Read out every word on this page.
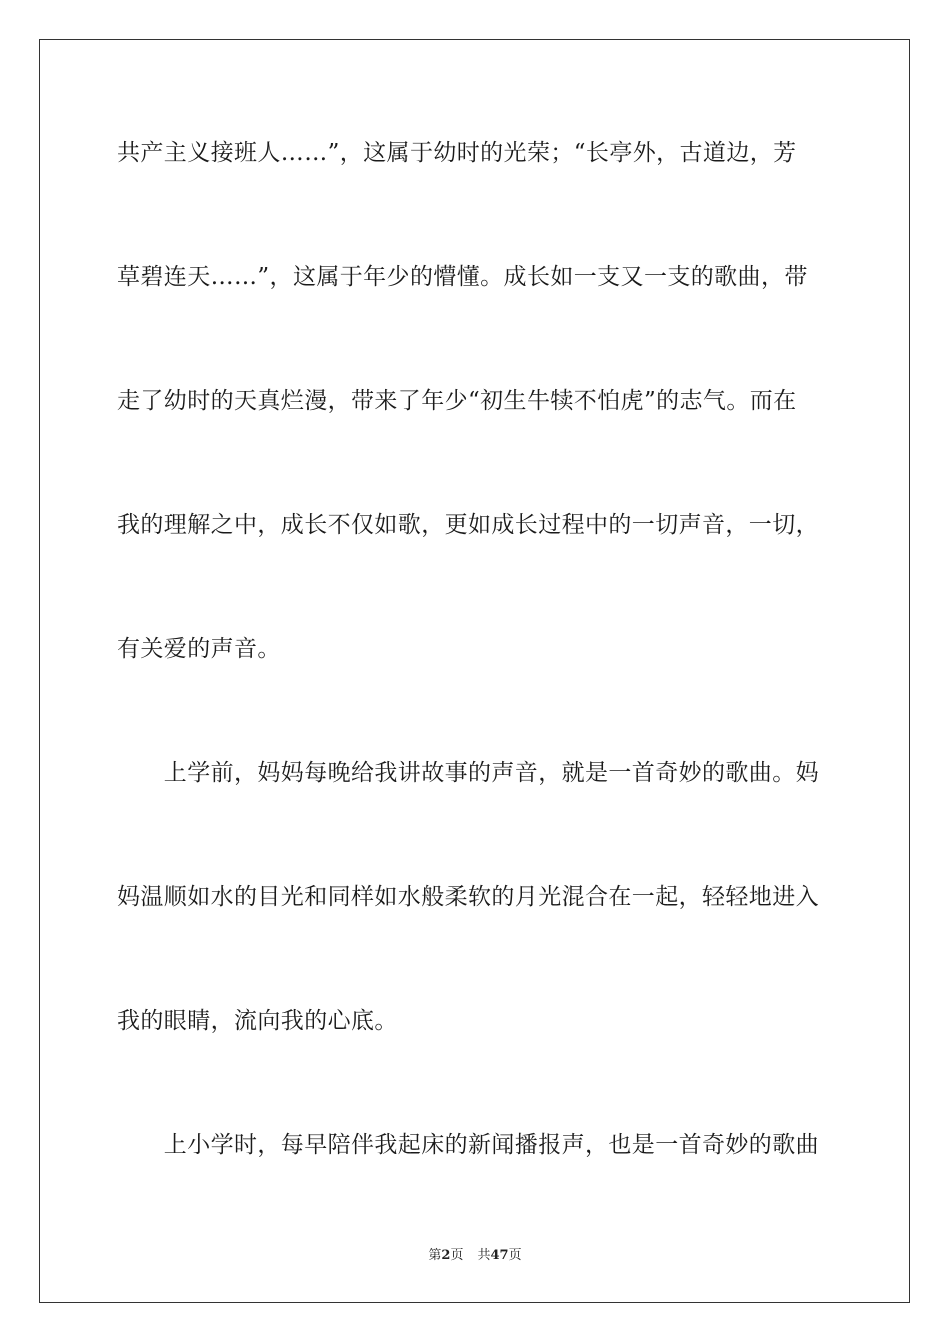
共产主义接班人……”，这属于幼时的光荣；“长亭外，古道边，芳
草碧连天……”，这属于年少的懵懂。成长如一支又一支的歌曲，带
走了幼时的天真烂漫，带来了年少“初生牛犊不怕虎”的志气。而在
我的理解之中，成长不仅如歌，更如成长过程中的一切声音，一切，
有关爱的声音。
　　上学前，妈妈每晚给我讲故事的声音，就是一首奇妙的歌曲。妈
妈温顺如水的目光和同样如水般柔软的月光混合在一起，轻轻地进入
我的眼睛，流向我的心底。
　　上小学时，每早陪伴我起床的新闻播报声，也是一首奇妙的歌曲
第2页 共47页
